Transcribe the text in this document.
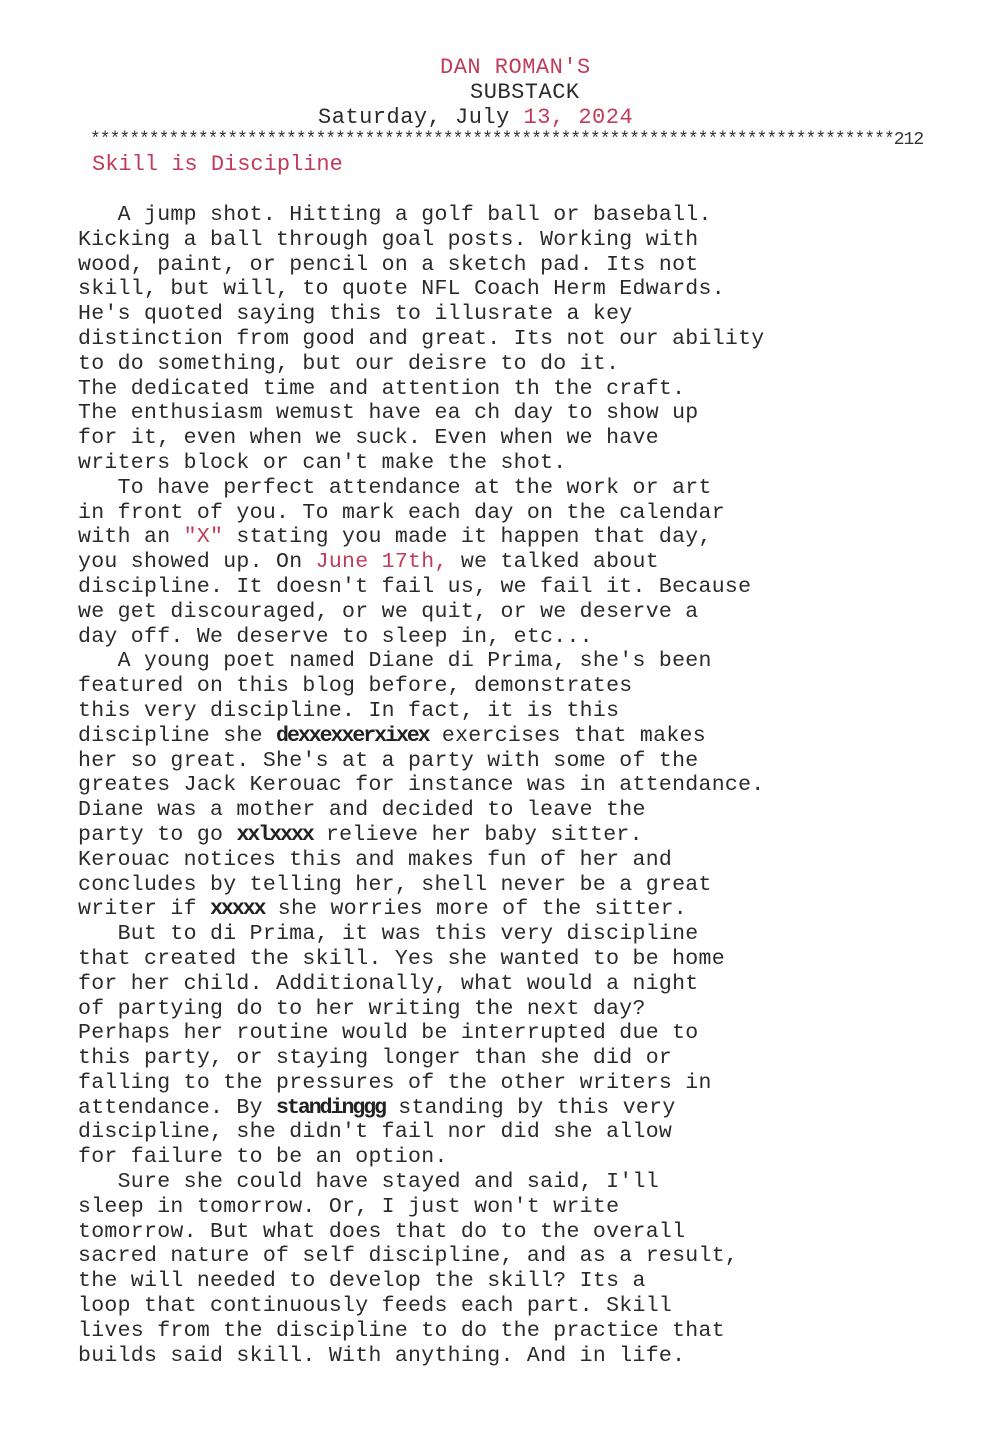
DAN ROMAN'S
SUBSTACK
Saturday, July 13, 2024
**********************************************************************************212
Skill is Discipline
A jump shot. Hitting a golf ball or baseball.
Kicking a ball through goal posts. Working with
wood, paint, or pencil on a sketch pad. Its not
skill, but will, to quote NFL Coach Herm Edwards.
He's quoted saying this to illusrate a key
distinction from good and great. Its not our ability
to do something, but our deisre to do it.
The dedicated time and attention th the craft.
The enthusiasm wemust have ea ch day to show up
for it, even when we suck. Even when we have
writers block or can't make the shot.
To have perfect attendance at the work or art
in front of you. To mark each day on the calendar
with an "X" stating you made it happen that day,
you showed up. On June 17th, we talked about
discipline. It doesn't fail us, we fail it. Because
we get discouraged, or we quit, or we deserve a
day off. We deserve to sleep in, etc...
A young poet named Diane di Prima, she's been
featured on this blog before, demonstrates
this very discipline. In fact, it is this
discipline she dexxexxerxixex exercises that makes
her so great. She's at a party with some of the
greates Jack Kerouac for instance was in attendance.
Diane was a mother and decided to leave the
party to go xxlxxxx relieve her baby sitter.
Kerouac notices this and makes fun of her and
concludes by telling her, shell never be a great
writer if xxxxx she worries more of the sitter.
But to di Prima, it was this very discipline
that created the skill. Yes she wanted to be home
for her child. Additionally, what would a night
of partying do to her writing the next day?
Perhaps her routine would be interrupted due to
this party, or staying longer than she did or
falling to the pressures of the other writers in
attendance. By standinggg standing by this very
discipline, she didn't fail nor did she allow
for failure to be an option.
Sure she could have stayed and said, I'll
sleep in tomorrow. Or, I just won't write
tomorrow. But what does that do to the overall
sacred nature of self discipline, and as a result,
the will needed to develop the skill? Its a
loop that continuously feeds each part. Skill
lives from the discipline to do the practice that
builds said skill. With anything. And in life.
